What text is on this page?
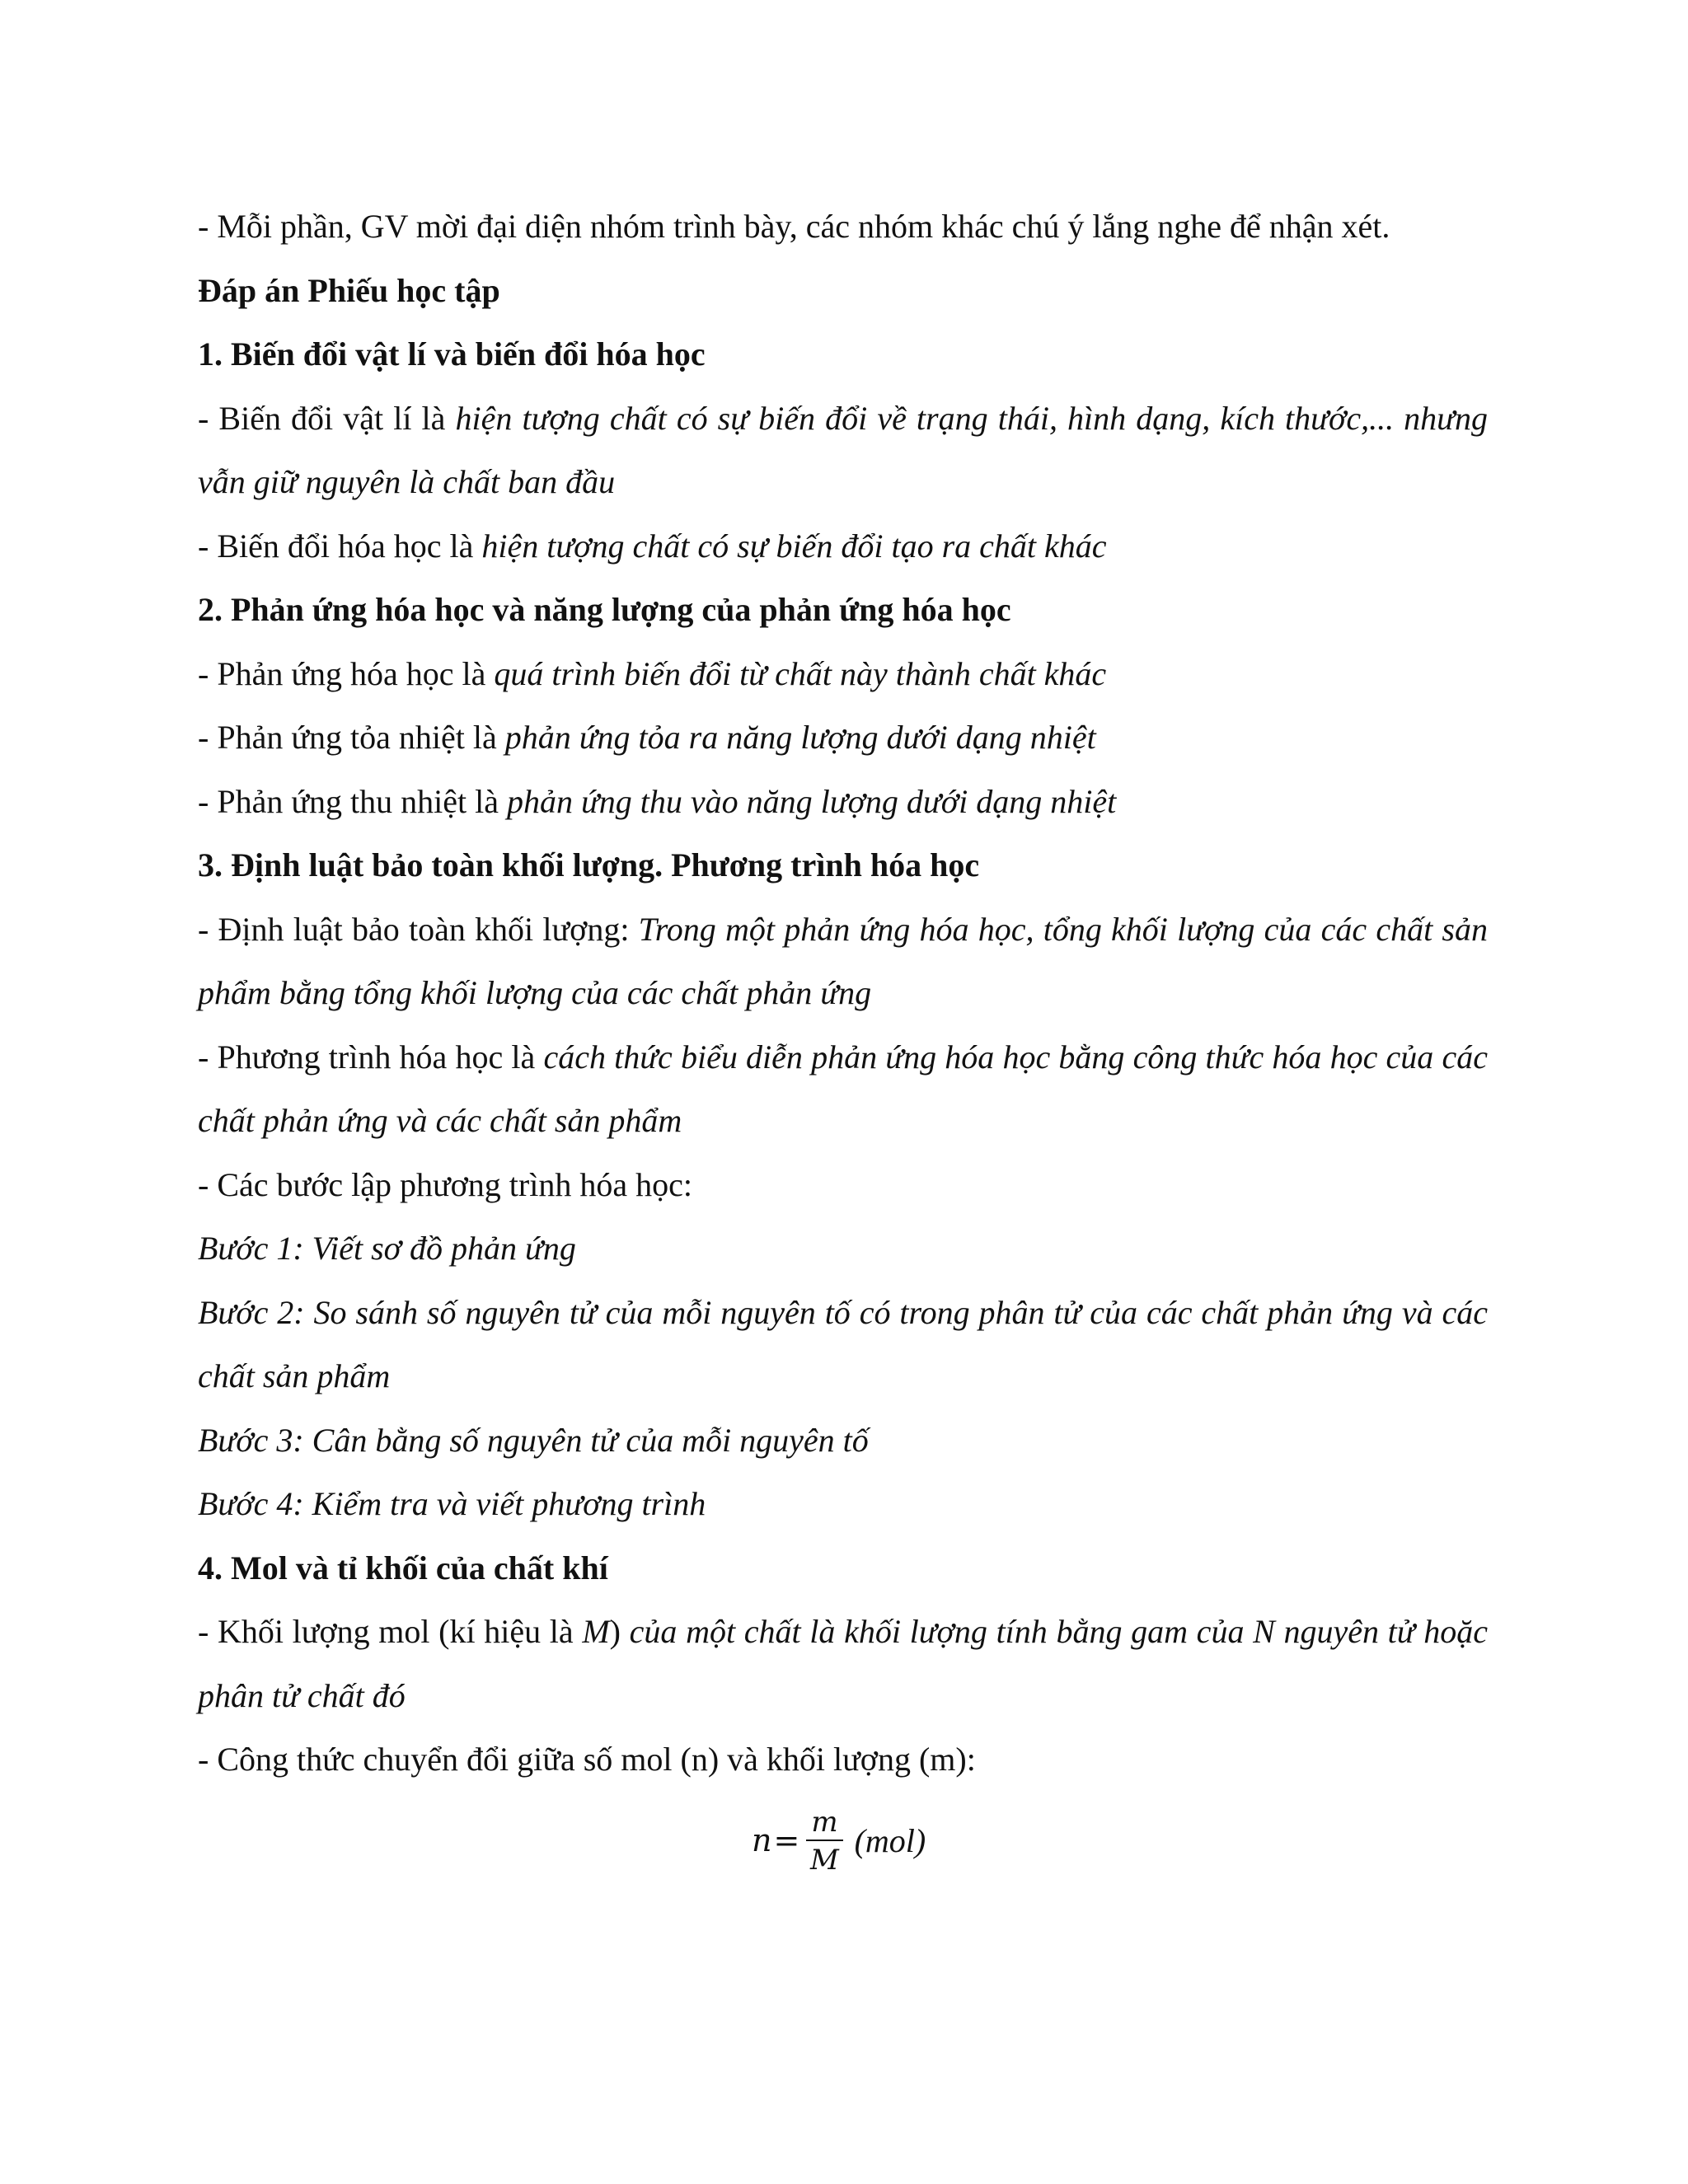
- Mỗi phần, GV mời đại diện nhóm trình bày, các nhóm khác chú ý lắng nghe để nhận xét.

Đáp án Phiếu học tập

1. Biến đổi vật lí và biến đổi hóa học

- Biến đổi vật lí là hiện tượng chất có sự biến đổi về trạng thái, hình dạng, kích thước,... nhưng vẫn giữ nguyên là chất ban đầu

- Biến đổi hóa học là hiện tượng chất có sự biến đổi tạo ra chất khác

2. Phản ứng hóa học và năng lượng của phản ứng hóa học

- Phản ứng hóa học là quá trình biến đổi từ chất này thành chất khác

- Phản ứng tỏa nhiệt là phản ứng tỏa ra năng lượng dưới dạng nhiệt

- Phản ứng thu nhiệt là phản ứng thu vào năng lượng dưới dạng nhiệt

3. Định luật bảo toàn khối lượng. Phương trình hóa học

- Định luật bảo toàn khối lượng: Trong một phản ứng hóa học, tổng khối lượng của các chất sản phẩm bằng tổng khối lượng của các chất phản ứng

- Phương trình hóa học là cách thức biểu diễn phản ứng hóa học bằng công thức hóa học của các chất phản ứng và các chất sản phẩm

- Các bước lập phương trình hóa học:

Bước 1: Viết sơ đồ phản ứng

Bước 2: So sánh số nguyên tử của mỗi nguyên tố có trong phân tử của các chất phản ứng và các chất sản phẩm

Bước 3: Cân bằng số nguyên tử của mỗi nguyên tố

Bước 4: Kiểm tra và viết phương trình

4. Mol và tỉ khối của chất khí

- Khối lượng mol (kí hiệu là M) của một chất là khối lượng tính bằng gam của N nguyên tử hoặc phân tử chất đó

- Công thức chuyển đổi giữa số mol (n) và khối lượng (m):

$n = \frac{m}{M} (mol)$
